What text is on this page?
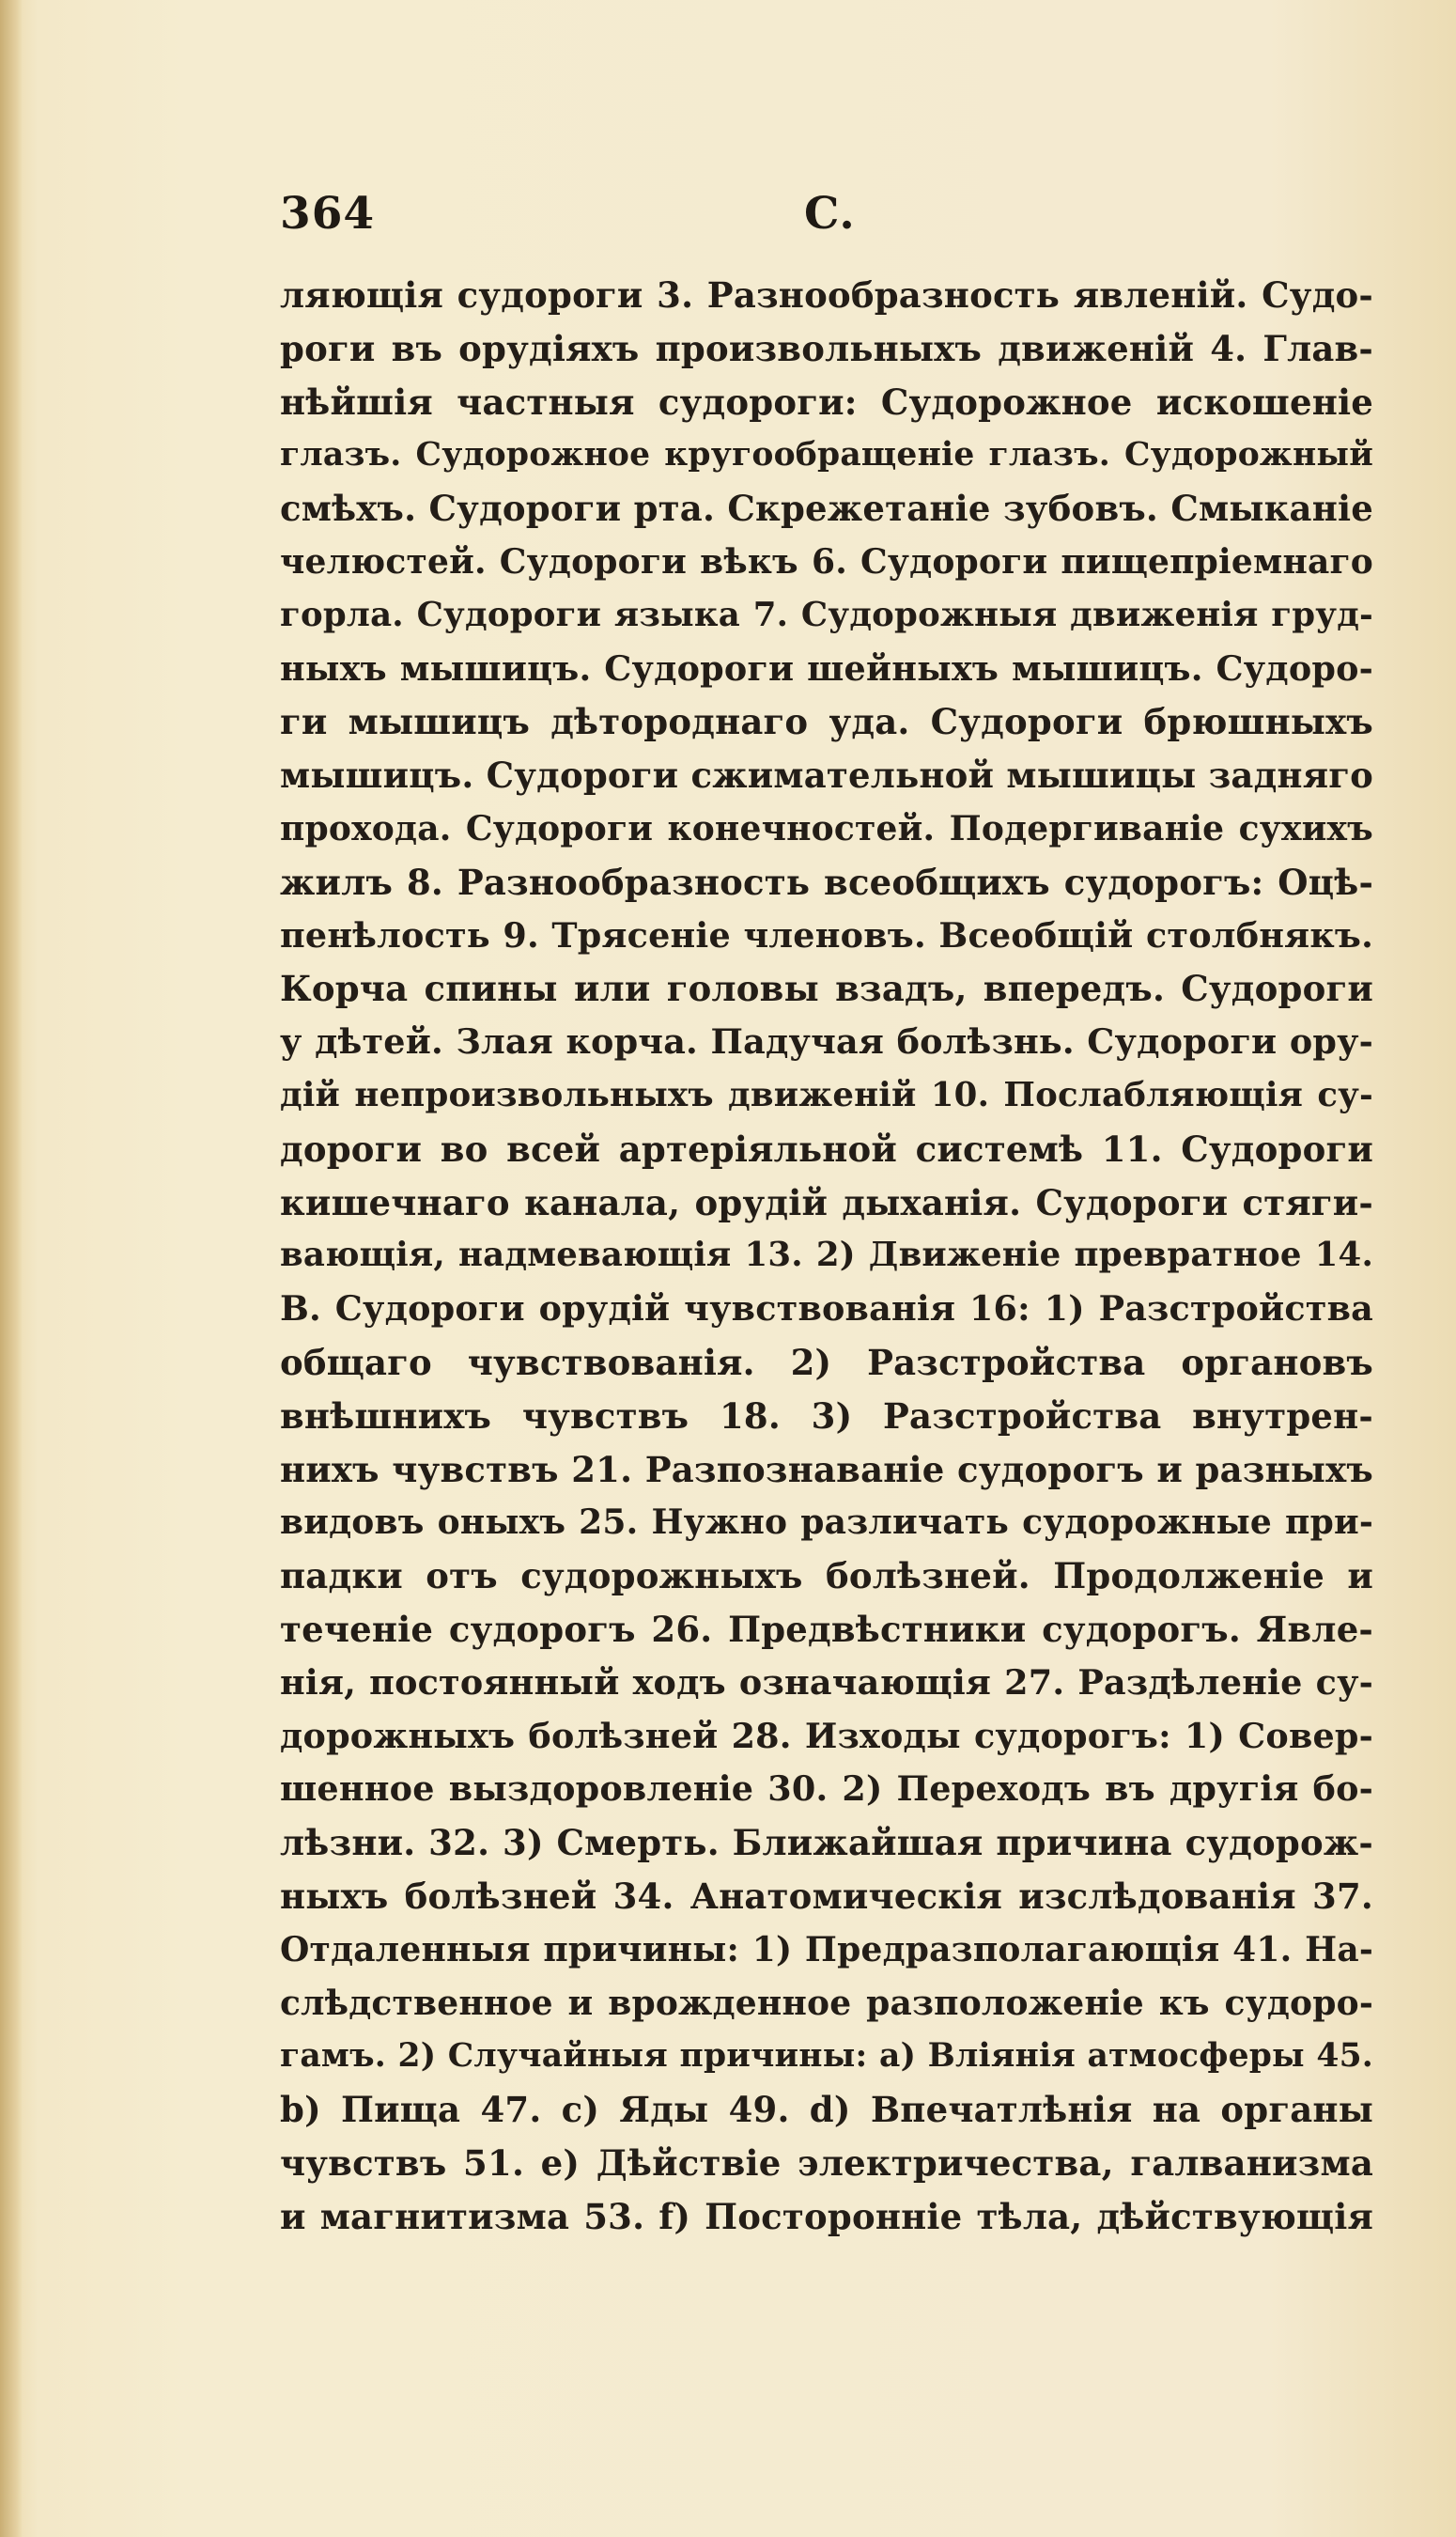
364	С.
ляющія судороги 3. Разнообразность явленій. Судо-
роги въ орудіяхъ произвольныхъ движеній 4. Глав-
нѣйшія частныя судороги: Судорожное искошеніе
глазъ. Судорожное кругообращеніе глазъ. Судорожный
смѣхъ. Судороги рта. Скрежетаніе зубовъ. Смыканіе
челюстей. Судороги вѣкъ 6. Судороги пищепріемнаго
горла. Судороги языка 7. Судорожныя движенія груд-
ныхъ мышицъ. Судороги шейныхъ мышицъ. Судоро-
ги мышицъ дѣтороднаго уда. Судороги брюшныхъ
мышицъ. Судороги сжимательной мышицы задняго
прохода. Судороги конечностей. Подергиваніе сухихъ
жилъ 8. Разнообразность всеобщихъ судорогъ: Оцѣ-
пенѣлость 9. Трясеніе членовъ. Всеобщій столбнякъ.
Корча спины или головы взадъ, впередъ. Судороги
у дѣтей. Злая корча. Падучая болѣзнь. Судороги ору-
дій непроизвольныхъ движеній 10. Послабляющія су-
дороги во всей артеріяльной системѣ 11. Судороги
кишечнаго канала, орудій дыханія. Судороги стяги-
вающія, надмевающія 13. 2) Движеніе превратное 14.
В. Судороги орудій чувствованія 16: 1) Разстройства
общаго чувствованія. 2) Разстройства органовъ
внѣшнихъ чувствъ 18. 3) Разстройства внутрен-
нихъ чувствъ 21. Разпознаваніе судорогъ и разныхъ
видовъ оныхъ 25. Нужно различать судорожные при-
падки отъ судорожныхъ болѣзней. Продолженіе и
теченіе судорогъ 26. Предвѣстники судорогъ. Явле-
нія, постоянный ходъ означающія 27. Раздѣленіе су-
дорожныхъ болѣзней 28. Изходы судорогъ: 1) Совер-
шенное выздоровленіе 30. 2) Переходъ въ другія бо-
лѣзни. 32. 3) Смерть. Ближайшая причина судорож-
ныхъ болѣзней 34. Анатомическія изслѣдованія 37.
Отдаленныя причины: 1) Предразполагающія 41. На-
слѣдственное и врожденное разположеніе къ судоро-
гамъ. 2) Случайныя причины: a) Вліянія атмосферы 45.
b) Пища 47. c) Яды 49. d) Впечатлѣнія на органы
чувствъ 51. e) Дѣйствіе электричества, галванизма
и магнитизма 53. f) Посторонніе тѣла, дѣйствующія
